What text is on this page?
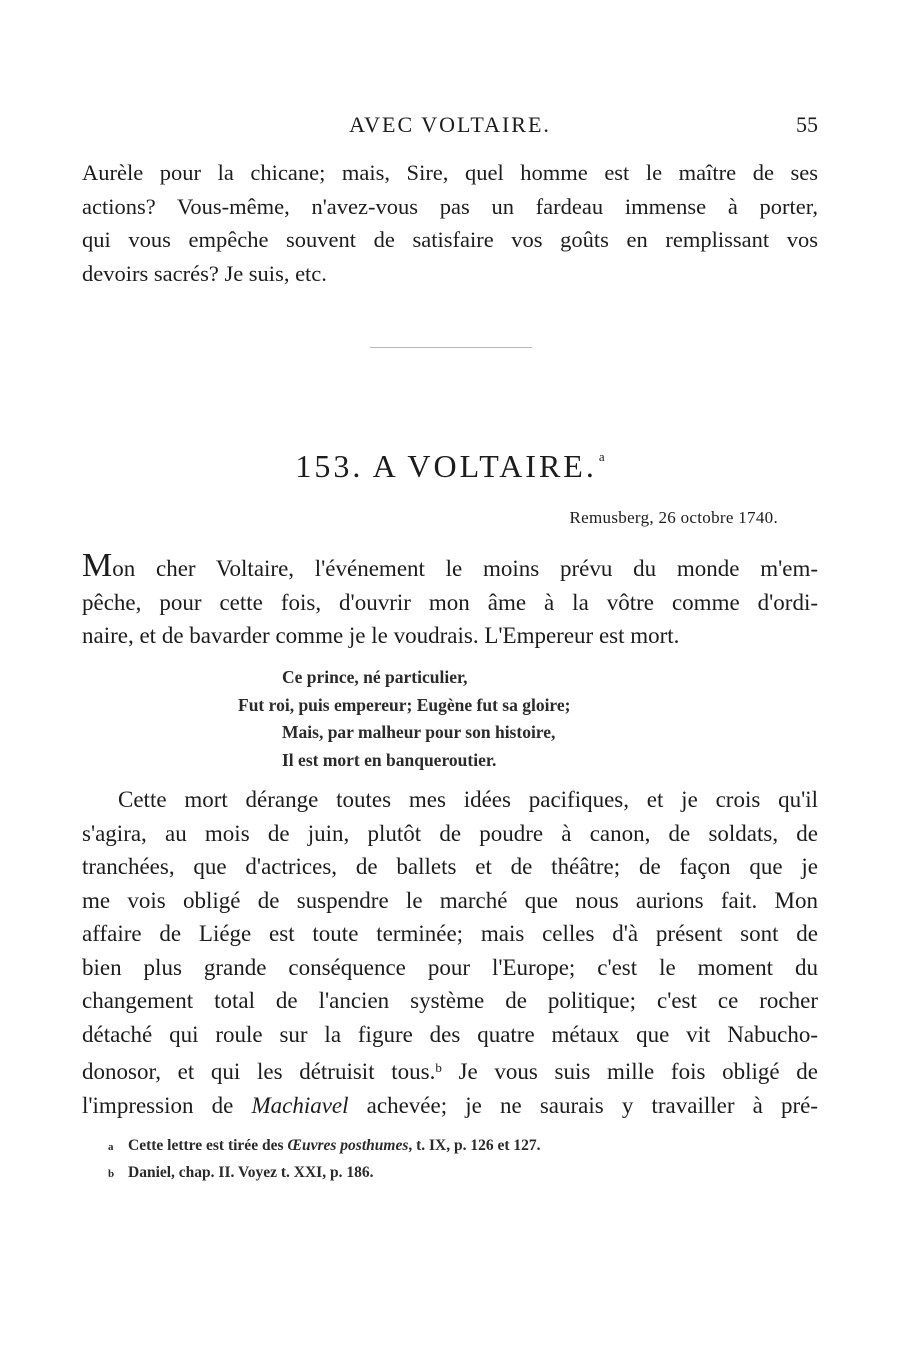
AVEC VOLTAIRE.	55

Aurèle pour la chicane; mais, Sire, quel homme est le maître de ses
actions? Vous-même, n'avez-vous pas un fardeau immense à porter,
qui vous empêche souvent de satisfaire vos goûts en remplissant vos
devoirs sacrés? Je suis, etc.

153. A VOLTAIRE. $^a$
Remusberg, 26 octobre 1740.

Mon cher Voltaire, l'événement le moins prévu du monde m'em-
pêche, pour cette fois, d'ouvrir mon âme à la vôtre comme d'ordi-
naire, et de bavarder comme je le voudrais. L'Empereur est mort.

Ce prince, né particulier,
Fut roi, puis empereur; Eugène fut sa gloire;
Mais, par malheur pour son histoire,
Il est mort en banqueroutier.

Cette mort dérange toutes mes idées pacifiques, et je crois qu'il
s'agira, au mois de juin, plutôt de poudre à canon, de soldats, de
tranchées, que d'actrices, de ballets et de théâtre; de façon que je
me vois obligé de suspendre le marché que nous aurions fait. Mon
affaire de Liége est toute terminée; mais celles d'à présent sont de
bien plus grande conséquence pour l'Europe; c'est le moment du
changement total de l'ancien système de politique; c'est ce rocher
détaché qui roule sur la figure des quatre métaux que vit Nabucho-
donosor, et qui les détruisit tous.$^b$ Je vous suis mille fois obligé de
l'impression de Machiavel achevée; je ne saurais y travailler à pré-

a Cette lettre est tirée des Œuvres posthumes, t. IX, p. 126 et 127.
b Daniel, chap. II. Voyez t. XXI, p. 186.
